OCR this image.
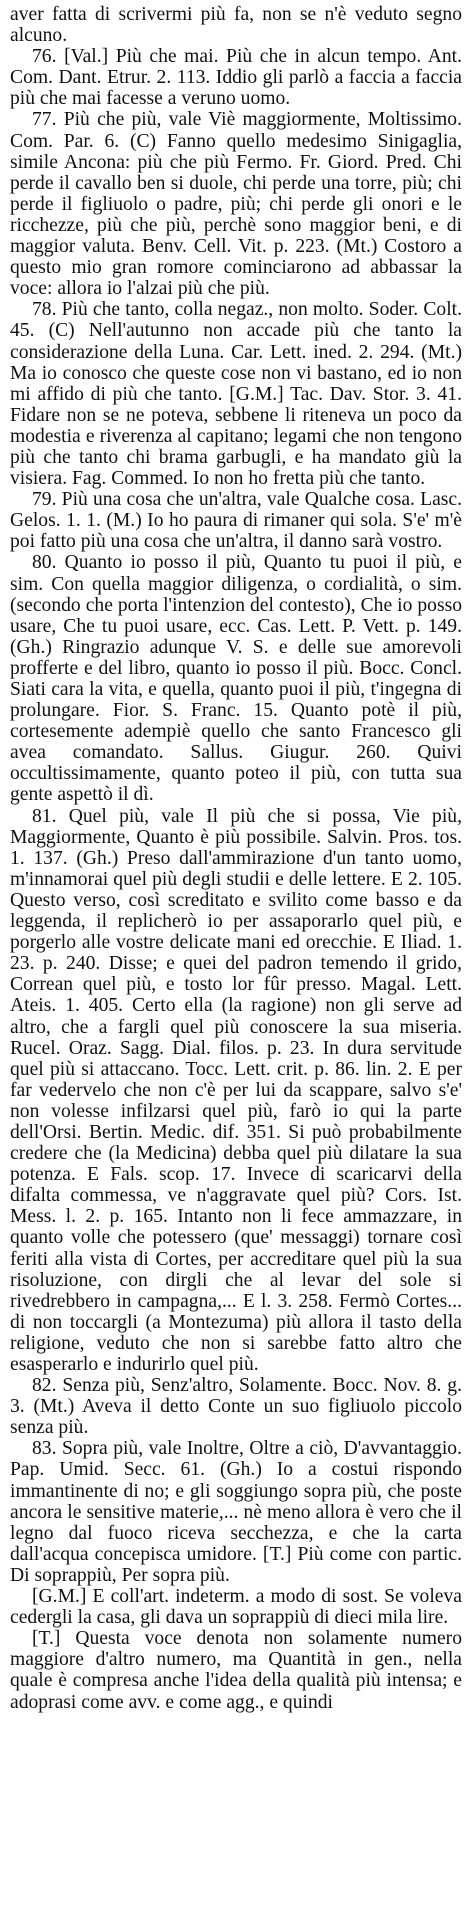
aver fatta di scrivermi più fa, non se n'è veduto segno alcuno.
76. [Val.] Più che mai. Più che in alcun tempo. Ant. Com. Dant. Etrur. 2. 113. Iddio gli parlò a faccia a faccia più che mai facesse a veruno uomo.
77. Più che più, vale Viè maggiormente, Moltissimo. Com. Par. 6. (C) Fanno quello medesimo Sinigaglia, simile Ancona: più che più Fermo. Fr. Giord. Pred. Chi perde il cavallo ben si duole, chi perde una torre, più; chi perde il figliuolo o padre, più; chi perde gli onori e le ricchezze, più che più, perchè sono maggior beni, e di maggior valuta. Benv. Cell. Vit. p. 223. (Mt.) Costoro a questo mio gran romore cominciarono ad abbassar la voce: allora io l'alzai più che più.
78. Più che tanto, colla negaz., non molto. Soder. Colt. 45. (C) Nell'autunno non accade più che tanto la considerazione della Luna. Car. Lett. ined. 2. 294. (Mt.) Ma io conosco che queste cose non vi bastano, ed io non mi affido di più che tanto. [G.M.] Tac. Dav. Stor. 3. 41. Fidare non se ne poteva, sebbene li riteneva un poco da modestia e riverenza al capitano; legami che non tengono più che tanto chi brama garbugli, e ha mandato giù la visiera. Fag. Commed. Io non ho fretta più che tanto.
79. Più una cosa che un'altra, vale Qualche cosa. Lasc. Gelos. 1. 1. (M.) Io ho paura di rimaner qui sola. S'e' m'è poi fatto più una cosa che un'altra, il danno sarà vostro.
80. Quanto io posso il più, Quanto tu puoi il più, e sim. Con quella maggior diligenza, o cordialità, o sim. (secondo che porta l'intenzion del contesto), Che io posso usare, Che tu puoi usare, ecc. Cas. Lett. P. Vett. p. 149. (Gh.) Ringrazio adunque V. S. e delle sue amorevoli profferte e del libro, quanto io posso il più. Bocc. Concl. Siati cara la vita, e quella, quanto puoi il più, t'ingegna di prolungare. Fior. S. Franc. 15. Quanto potè il più, cortesemente adempiè quello che santo Francesco gli avea comandato. Sallus. Giugur. 260. Quivi occultissimamente, quanto poteo il più, con tutta sua gente aspettò il dì.
81. Quel più, vale Il più che si possa, Vie più, Maggiormente, Quanto è più possibile. Salvin. Pros. tos. 1. 137. (Gh.) Preso dall'ammirazione d'un tanto uomo, m'innamorai quel più degli studii e delle lettere. E 2. 105. Questo verso, così screditato e svilito come basso e da leggenda, il replicherò io per assaporarlo quel più, e porgerlo alle vostre delicate mani ed orecchie. E Iliad. 1. 23. p. 240. Disse; e quei del padron temendo il grido, Correan quel più, e tosto lor fûr presso. Magal. Lett. Ateis. 1. 405. Certo ella (la ragione) non gli serve ad altro, che a fargli quel più conoscere la sua miseria. Rucel. Oraz. Sagg. Dial. filos. p. 23. In dura servitude quel più si attaccano. Tocc. Lett. crit. p. 86. lin. 2. E per far vedervelo che non c'è per lui da scappare, salvo s'e' non volesse infilzarsi quel più, farò io qui la parte dell'Orsi. Bertin. Medic. dif. 351. Si può probabilmente credere che (la Medicina) debba quel più dilatare la sua potenza. E Fals. scop. 17. Invece di scaricarvi della difalta commessa, ve n'aggravate quel più? Cors. Ist. Mess. l. 2. p. 165. Intanto non li fece ammazzare, in quanto volle che potessero (que' messaggi) tornare così feriti alla vista di Cortes, per accreditare quel più la sua risoluzione, con dirgli che al levar del sole si rivedrebbero in campagna,... E l. 3. 258. Fermò Cortes... di non toccargli (a Montezuma) più allora il tasto della religione, veduto che non si sarebbe fatto altro che esasperarlo e indurirlo quel più.
82. Senza più, Senz'altro, Solamente. Bocc. Nov. 8. g. 3. (Mt.) Aveva il detto Conte un suo figliuolo piccolo senza più.
83. Sopra più, vale Inoltre, Oltre a ciò, D'avvantaggio. Pap. Umid. Secc. 61. (Gh.) Io a costui rispondo immantinente di no; e gli soggiungo sopra più, che poste ancora le sensitive materie,... nè meno allora è vero che il legno dal fuoco riceva secchezza, e che la carta dall'acqua concepisca umidore. [T.] Più come con partic. Di soprappiù, Per sopra più.
[G.M.] E coll'art. indeterm. a modo di sost. Se voleva cedergli la casa, gli dava un soprappiù di dieci mila lire.
[T.] Questa voce denota non solamente numero maggiore d'altro numero, ma Quantità in gen., nella quale è compresa anche l'idea della qualità più intensa; e adoprasi come avv. e come agg., e quindi
